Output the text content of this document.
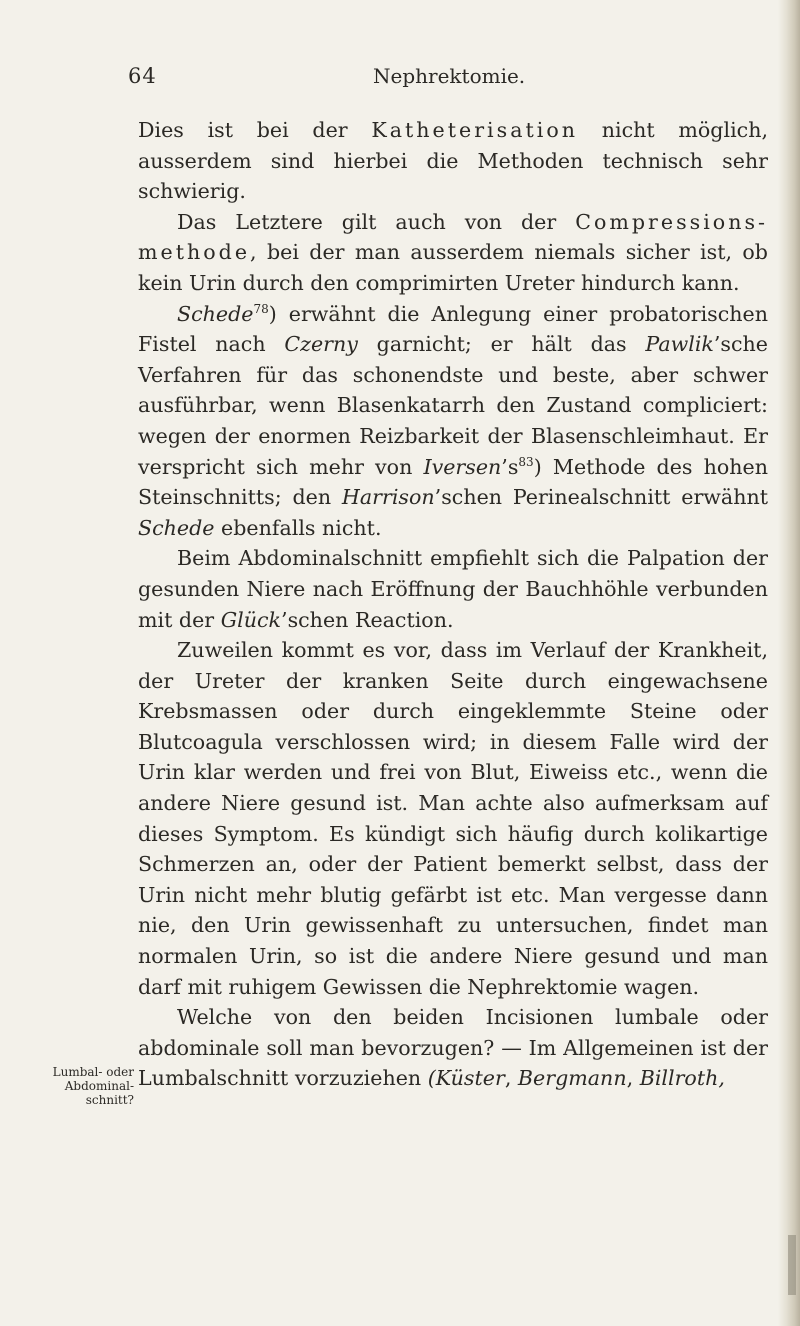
64	Nephrektomie.
Lumbal- oder
Abdominal-
schnitt?

Dies ist bei der Katheterisation nicht möglich, ausserdem sind hierbei die Methoden technisch sehr schwierig.

Das Letztere gilt auch von der Compressions-methode, bei der man ausserdem niemals sicher ist, ob kein Urin durch den comprimirten Ureter hindurch kann.

Schede$^{78}$) erwähnt die Anlegung einer probatorischen Fistel nach Czerny garnicht; er hält das Pawlik’sche Verfahren für das schonendste und beste, aber schwer ausführbar, wenn Blasenkatarrh den Zustand compliciert: wegen der enormen Reizbarkeit der Blasenschleimhaut. Er verspricht sich mehr von $Iversen’s^{83}$) Methode des hohen Steinschnitts; den Harrison’schen Perinealschnitt erwähnt Schede ebenfalls nicht.

Beim Abdominalschnitt empfiehlt sich die Palpation der gesunden Niere nach Eröffnung der Bauchhöhle verbunden mit der Glück’schen Reaction.

Zuweilen kommt es vor, dass im Verlauf der Krankheit, der Ureter der kranken Seite durch eingewachsene Krebsmassen oder durch eingeklemmte Steine oder Blutcoagula verschlossen wird; in diesem Falle wird der Urin klar werden und frei von Blut, Eiweiss etc., wenn die andere Niere gesund ist. Man achte also aufmerksam auf dieses Symptom. Es kündigt sich häufig durch kolikartige Schmerzen an, oder der Patient bemerkt selbst, dass der Urin nicht mehr blutig gefärbt ist etc. Man vergesse dann nie, den Urin gewissenhaft zu untersuchen, findet man normalen Urin, so ist die andere Niere gesund und man darf mit ruhigem Gewissen die Nephrektomie wagen.

Welche von den beiden Incisionen lumbale oder abdominale soll man bevorzugen? — Im Allgemeinen ist der Lumbalschnitt vorzuziehen (Küster, Bergmann, Billroth,
